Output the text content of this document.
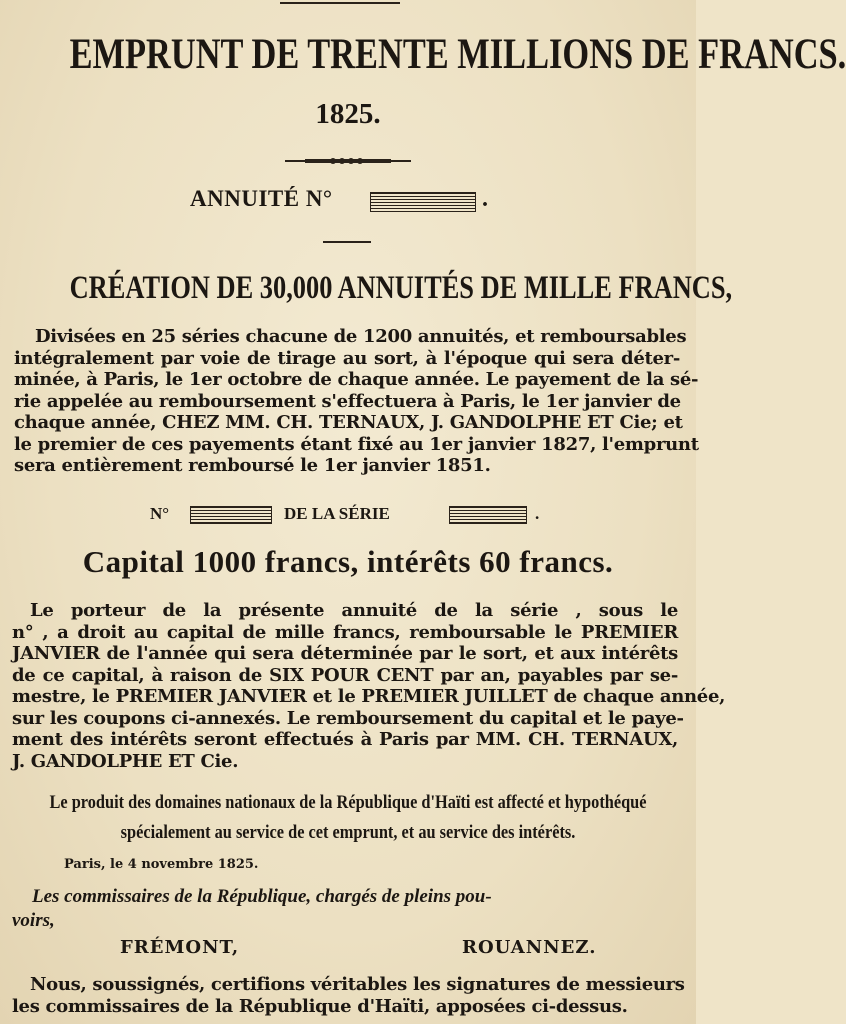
EMPRUNT DE TRENTE MILLIONS DE FRANCS.
1825.
ANNUITÉ N°	.
CRÉATION DE 30,000 ANNUITÉS DE MILLE FRANCS,
Divisées en 25 séries chacune de 1200 annuités, et remboursables
intégralement par voie de tirage au sort, à l'époque qui sera déter-
minée, à Paris, le 1er octobre de chaque année. Le payement de la sé-
rie appelée au remboursement s'effectuera à Paris, le 1er janvier de
chaque année, CHEZ MM. CH. TERNAUX, J. GANDOLPHE ET Cie; et
le premier de ces payements étant fixé au 1er janvier 1827, l'emprunt
sera entièrement remboursé le 1er janvier 1851.
N°	DE LA SÉRIE	.
Capital 1000 francs, intérêts 60 francs.
Le porteur de la présente annuité de la série , sous le
n° , a droit au capital de mille francs, remboursable le PREMIER
JANVIER de l'année qui sera déterminée par le sort, et aux intérêts
de ce capital, à raison de SIX POUR CENT par an, payables par se-
mestre, le PREMIER JANVIER et le PREMIER JUILLET de chaque année,
sur les coupons ci-annexés. Le remboursement du capital et le paye-
ment des intérêts seront effectués à Paris par MM. CH. TERNAUX,
J. GANDOLPHE ET Cie.
Le produit des domaines nationaux de la République d'Haïti est affecté et hypothéqué
spécialement au service de cet emprunt, et au service des intérêts.
Paris, le 4 novembre 1825.
Les commissaires de la République, chargés de pleins pou-
voirs,
FRÉMONT,	ROUANNEZ.
Nous, soussignés, certifions véritables les signatures de messieurs
les commissaires de la République d'Haïti, apposées ci-dessus.
